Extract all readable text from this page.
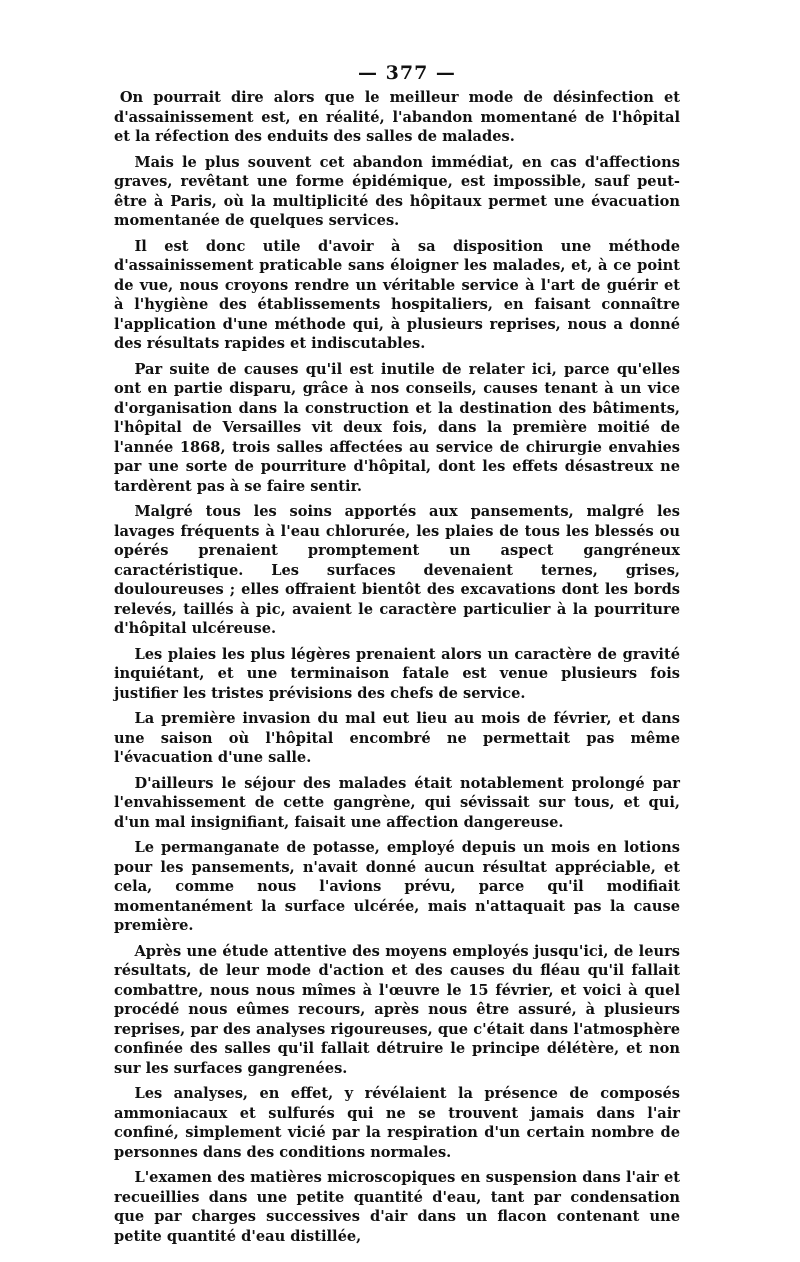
— 377 —

On pourrait dire alors que le meilleur mode de désinfection et d'assainissement est, en réalité, l'abandon momentané de l'hôpital et la réfection des enduits des salles de malades.

Mais le plus souvent cet abandon immédiat, en cas d'affections graves, revêtant une forme épidémique, est impossible, sauf peut-être à Paris, où la multiplicité des hôpitaux permet une évacuation momentanée de quelques services.

Il est donc utile d'avoir à sa disposition une méthode d'assainissement praticable sans éloigner les malades, et, à ce point de vue, nous croyons rendre un véritable service à l'art de guérir et à l'hygiène des établissements hospitaliers, en faisant connaître l'application d'une méthode qui, à plusieurs reprises, nous a donné des résultats rapides et indiscutables.

Par suite de causes qu'il est inutile de relater ici, parce qu'elles ont en partie disparu, grâce à nos conseils, causes tenant à un vice d'organisation dans la construction et la destination des bâtiments, l'hôpital de Versailles vit deux fois, dans la première moitié de l'année 1868, trois salles affectées au service de chirurgie envahies par une sorte de pourriture d'hôpital, dont les effets désastreux ne tardèrent pas à se faire sentir.

Malgré tous les soins apportés aux pansements, malgré les lavages fréquents à l'eau chlorurée, les plaies de tous les blessés ou opérés prenaient promptement un aspect gangréneux caractéristique. Les surfaces devenaient ternes, grises, douloureuses ; elles offraient bientôt des excavations dont les bords relevés, taillés à pic, avaient le caractère particulier à la pourriture d'hôpital ulcéreuse.

Les plaies les plus légères prenaient alors un caractère de gravité inquiétant, et une terminaison fatale est venue plusieurs fois justifier les tristes prévisions des chefs de service.

La première invasion du mal eut lieu au mois de février, et dans une saison où l'hôpital encombré ne permettait pas même l'évacuation d'une salle.

D'ailleurs le séjour des malades était notablement prolongé par l'envahissement de cette gangrène, qui sévissait sur tous, et qui, d'un mal insignifiant, faisait une affection dangereuse.

Le permanganate de potasse, employé depuis un mois en lotions pour les pansements, n'avait donné aucun résultat appréciable, et cela, comme nous l'avions prévu, parce qu'il modifiait momentanément la surface ulcérée, mais n'attaquait pas la cause première.

Après une étude attentive des moyens employés jusqu'ici, de leurs résultats, de leur mode d'action et des causes du fléau qu'il fallait combattre, nous nous mîmes à l'œuvre le 15 février, et voici à quel procédé nous eûmes recours, après nous être assuré, à plusieurs reprises, par des analyses rigoureuses, que c'était dans l'atmosphère confinée des salles qu'il fallait détruire le principe délétère, et non sur les surfaces gangrenées.

Les analyses, en effet, y révélaient la présence de composés ammoniacaux et sulfurés qui ne se trouvent jamais dans l'air confiné, simplement vicié par la respiration d'un certain nombre de personnes dans des conditions normales.

L'examen des matières microscopiques en suspension dans l'air et recueillies dans une petite quantité d'eau, tant par condensation que par charges successives d'air dans un flacon contenant une petite quantité d'eau distillée,
